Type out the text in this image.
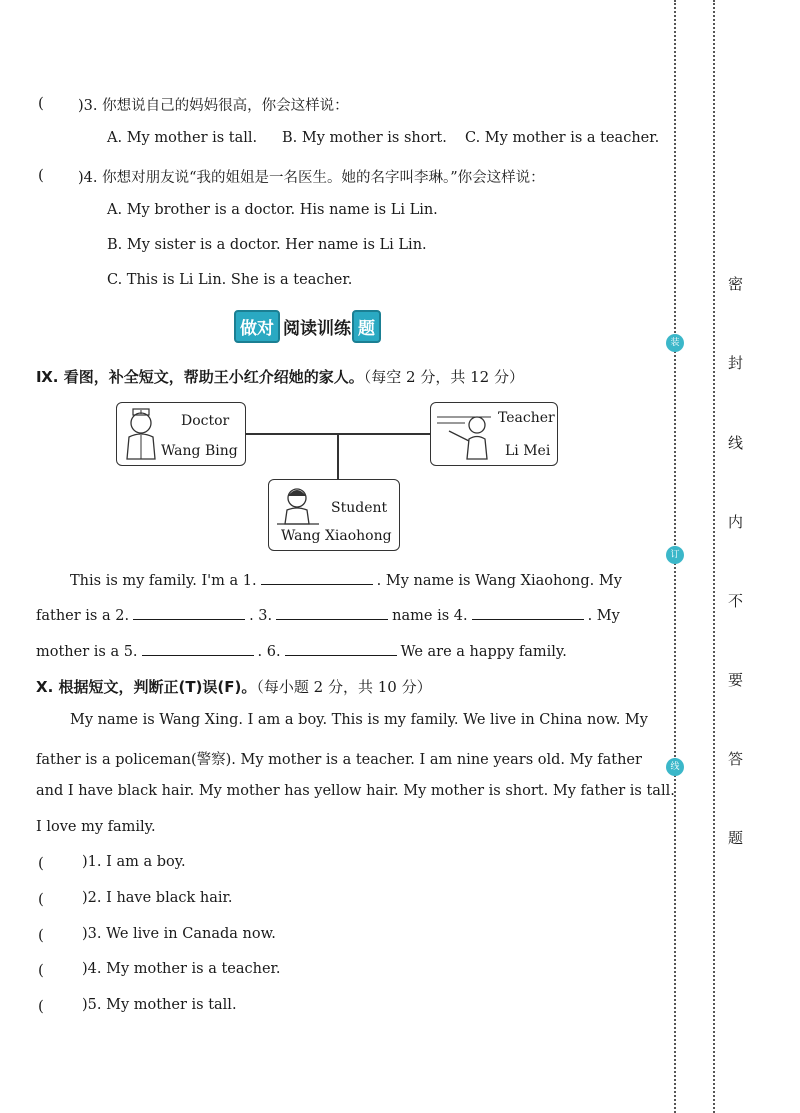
( )3. 你想说自己的妈妈很高，你会这样说：
A. My mother is tall. B. My mother is short. C. My mother is a teacher.
( )4. 你想对朋友说“我的姐姐是一名医生。她的名字叫李琳。”你会这样说：
A. My brother is a doctor. His name is Li Lin.
B. My sister is a doctor. Her name is Li Lin.
C. This is Li Lin. She is a teacher.
做对 阅读训练 题
Ⅸ. 看图，补全短文，帮助王小红介绍她的家人。（每空 2 分，共 12 分）
Doctor
Wang Bing
Teacher
Li Mei
Student
Wang Xiaohong
This is my family. I'm a 1.	. My name is Wang Xiaohong. My
father is a 2.	. 3.	name is 4.	. My
mother is a 5.	. 6.	We are a happy family.
Ⅹ. 根据短文，判断正(T)误(F)。（每小题 2 分，共 10 分）
My name is Wang Xing. I am a boy. This is my family. We live in China now. My
father is a policeman(警察). My mother is a teacher. I am nine years old. My father
and I have black hair. My mother has yellow hair. My mother is short. My father is tall.
I love my family.
(	)1. I am a boy.
(	)2. I have black hair.
(	)3. We live in Canada now.
(	)4. My mother is a teacher.
(	)5. My mother is tall.
装
订
线
密
封
线
内
不
要
答
题
